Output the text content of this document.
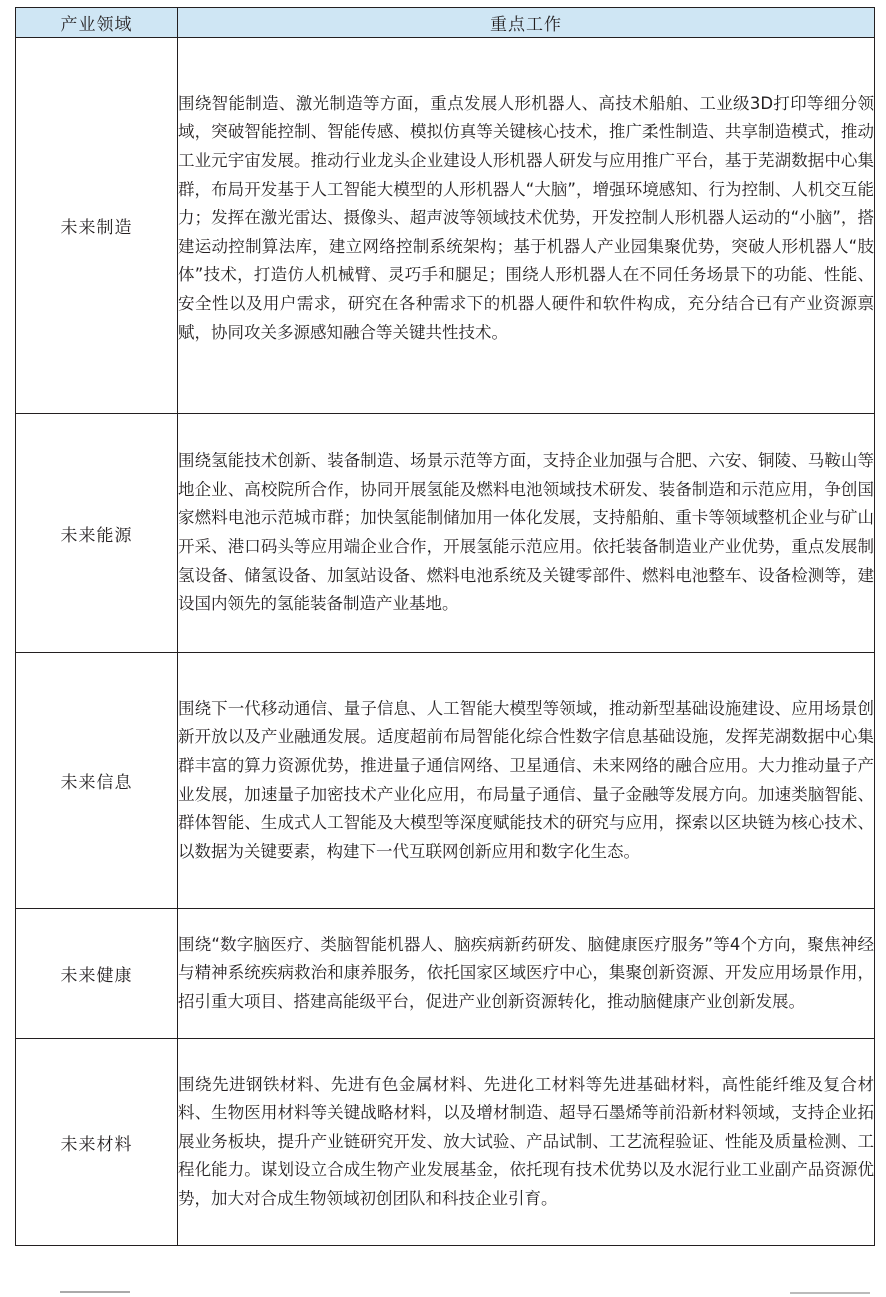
产业领域	重点工作
未来制造	围绕智能制造、激光制造等方面，重点发展人形机器人、高技术船舶、工业级3D打印等细分领域，突破智能控制、智能传感、模拟仿真等关键核心技术，推广柔性制造、共享制造模式，推动工业元宇宙发展。推动行业龙头企业建设人形机器人研发与应用推广平台，基于芜湖数据中心集群，布局开发基于人工智能大模型的人形机器人“大脑”，增强环境感知、行为控制、人机交互能力；发挥在激光雷达、摄像头、超声波等领域技术优势，开发控制人形机器人运动的“小脑”，搭建运动控制算法库，建立网络控制系统架构；基于机器人产业园集聚优势，突破人形机器人“肢体”技术，打造仿人机械臂、灵巧手和腿足；围绕人形机器人在不同任务场景下的功能、性能、安全性以及用户需求，研究在各种需求下的机器人硬件和软件构成，充分结合已有产业资源禀赋，协同攻关多源感知融合等关键共性技术。
未来能源	围绕氢能技术创新、装备制造、场景示范等方面，支持企业加强与合肥、六安、铜陵、马鞍山等地企业、高校院所合作，协同开展氢能及燃料电池领域技术研发、装备制造和示范应用，争创国家燃料电池示范城市群；加快氢能制储加用一体化发展，支持船舶、重卡等领域整机企业与矿山开采、港口码头等应用端企业合作，开展氢能示范应用。依托装备制造业产业优势，重点发展制氢设备、储氢设备、加氢站设备、燃料电池系统及关键零部件、燃料电池整车、设备检测等，建设国内领先的氢能装备制造产业基地。
未来信息	围绕下一代移动通信、量子信息、人工智能大模型等领域，推动新型基础设施建设、应用场景创新开放以及产业融通发展。适度超前布局智能化综合性数字信息基础设施，发挥芜湖数据中心集群丰富的算力资源优势，推进量子通信网络、卫星通信、未来网络的融合应用。大力推动量子产业发展，加速量子加密技术产业化应用，布局量子通信、量子金融等发展方向。加速类脑智能、群体智能、生成式人工智能及大模型等深度赋能技术的研究与应用，探索以区块链为核心技术、以数据为关键要素，构建下一代互联网创新应用和数字化生态。
未来健康	围绕“数字脑医疗、类脑智能机器人、脑疾病新药研发、脑健康医疗服务”等4个方向，聚焦神经与精神系统疾病救治和康养服务，依托国家区域医疗中心，集聚创新资源、开发应用场景作用，招引重大项目、搭建高能级平台，促进产业创新资源转化，推动脑健康产业创新发展。
未来材料	围绕先进钢铁材料、先进有色金属材料、先进化工材料等先进基础材料，高性能纤维及复合材料、生物医用材料等关键战略材料，以及增材制造、超导石墨烯等前沿新材料领域，支持企业拓展业务板块，提升产业链研究开发、放大试验、产品试制、工艺流程验证、性能及质量检测、工程化能力。谋划设立合成生物产业发展基金，依托现有技术优势以及水泥行业工业副产品资源优势，加大对合成生物领域初创团队和科技企业引育。
